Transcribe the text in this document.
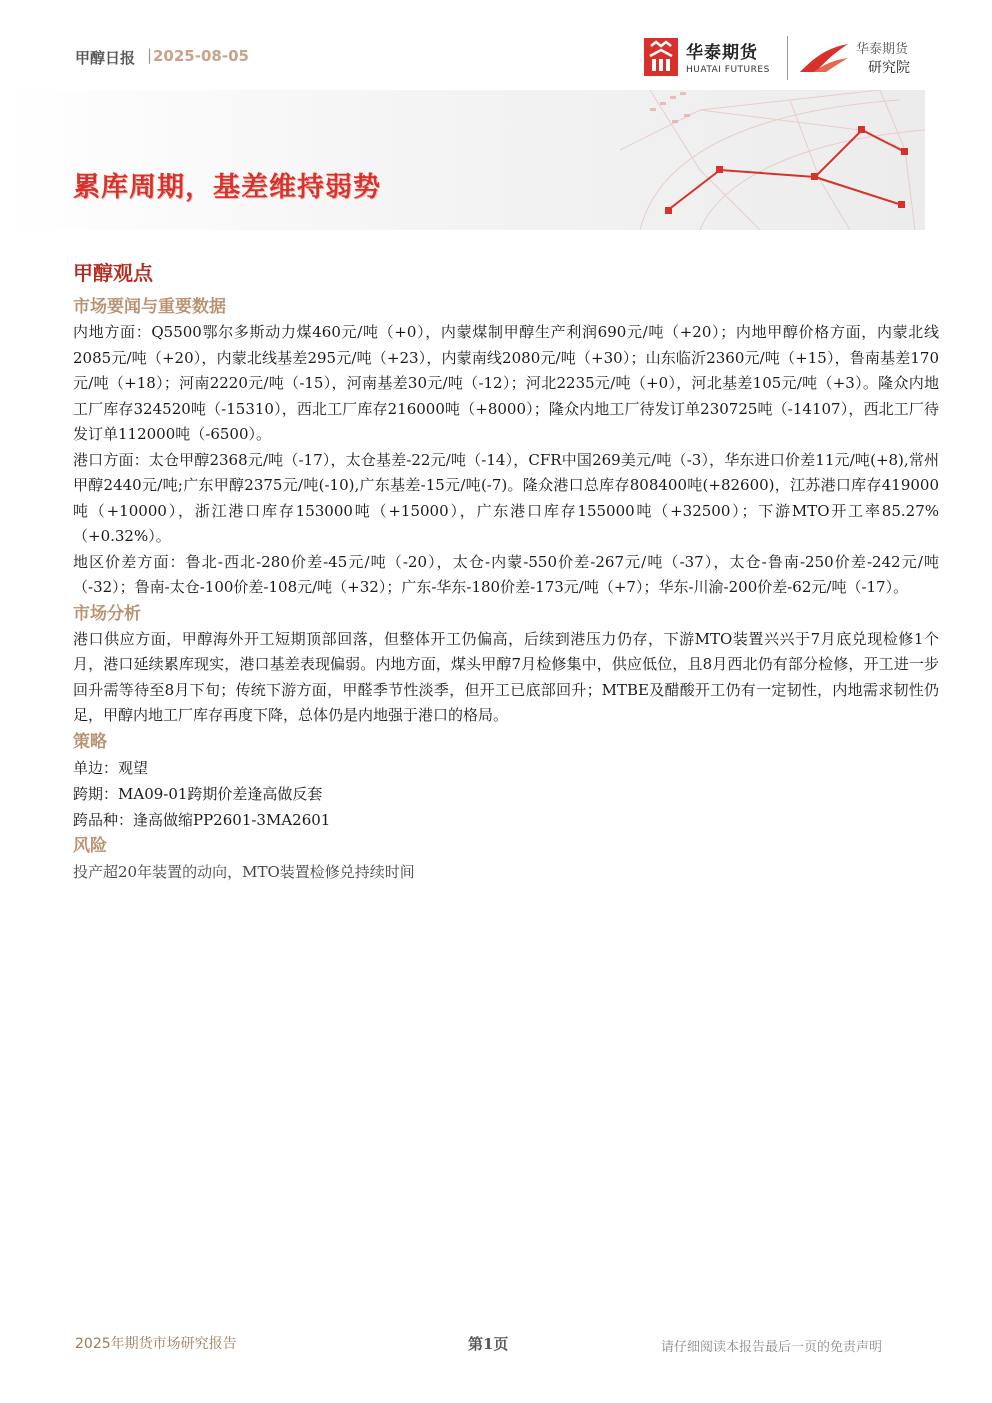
甲醇日报 | 2025-08-05	华泰期货
HUATAI FUTURES
华泰期货
研究院
累库周期，基差维持弱势
甲醇观点
市场要闻与重要数据

内地方面：Q5500鄂尔多斯动力煤460元/吨（+0），内蒙煤制甲醇生产利润690元/吨（+20）；内地甲醇价格方面，内蒙北线2085元/吨（+20），内蒙北线基差295元/吨（+23），内蒙南线2080元/吨（+30）；山东临沂2360元/吨（+15），鲁南基差170元/吨（+18）；河南2220元/吨（-15），河南基差30元/吨（-12）；河北2235元/吨（+0），河北基差105元/吨（+3）。隆众内地工厂库存324520吨（-15310），西北工厂库存216000吨（+8000）；隆众内地工厂待发订单230725吨（-14107），西北工厂待发订单112000吨（-6500）。

港口方面：太仓甲醇2368元/吨（-17），太仓基差-22元/吨（-14），CFR中国269美元/吨（-3），华东进口价差11元/吨(+8),常州甲醇2440元/吨;广东甲醇2375元/吨(-10),广东基差-15元/吨(-7)。隆众港口总库存808400吨(+82600)，江苏港口库存419000吨（+10000），浙江港口库存153000吨（+15000），广东港口库存155000吨（+32500）；下游MTO开工率85.27%（+0.32%）。

地区价差方面：鲁北-西北-280价差-45元/吨（-20），太仓-内蒙-550价差-267元/吨（-37），太仓-鲁南-250价差-242元/吨（-32）；鲁南-太仓-100价差-108元/吨（+32）；广东-华东-180价差-173元/吨（+7）；华东-川渝-200价差-62元/吨（-17）。

市场分析

港口供应方面，甲醇海外开工短期顶部回落，但整体开工仍偏高，后续到港压力仍存，下游MTO装置兴兴于7月底兑现检修1个月，港口延续累库现实，港口基差表现偏弱。内地方面，煤头甲醇7月检修集中，供应低位，且8月西北仍有部分检修，开工进一步回升需等待至8月下旬；传统下游方面，甲醛季节性淡季，但开工已底部回升；MTBE及醋酸开工仍有一定韧性，内地需求韧性仍足，甲醇内地工厂库存再度下降，总体仍是内地强于港口的格局。

策略

单边：观望

跨期：MA09-01跨期价差逢高做反套

跨品种：逢高做缩PP2601-3MA2601

风险

投产超20年装置的动向，MTO装置检修兑持续时间

2025年期货市场研究报告	第1页	请仔细阅读本报告最后一页的免责声明
